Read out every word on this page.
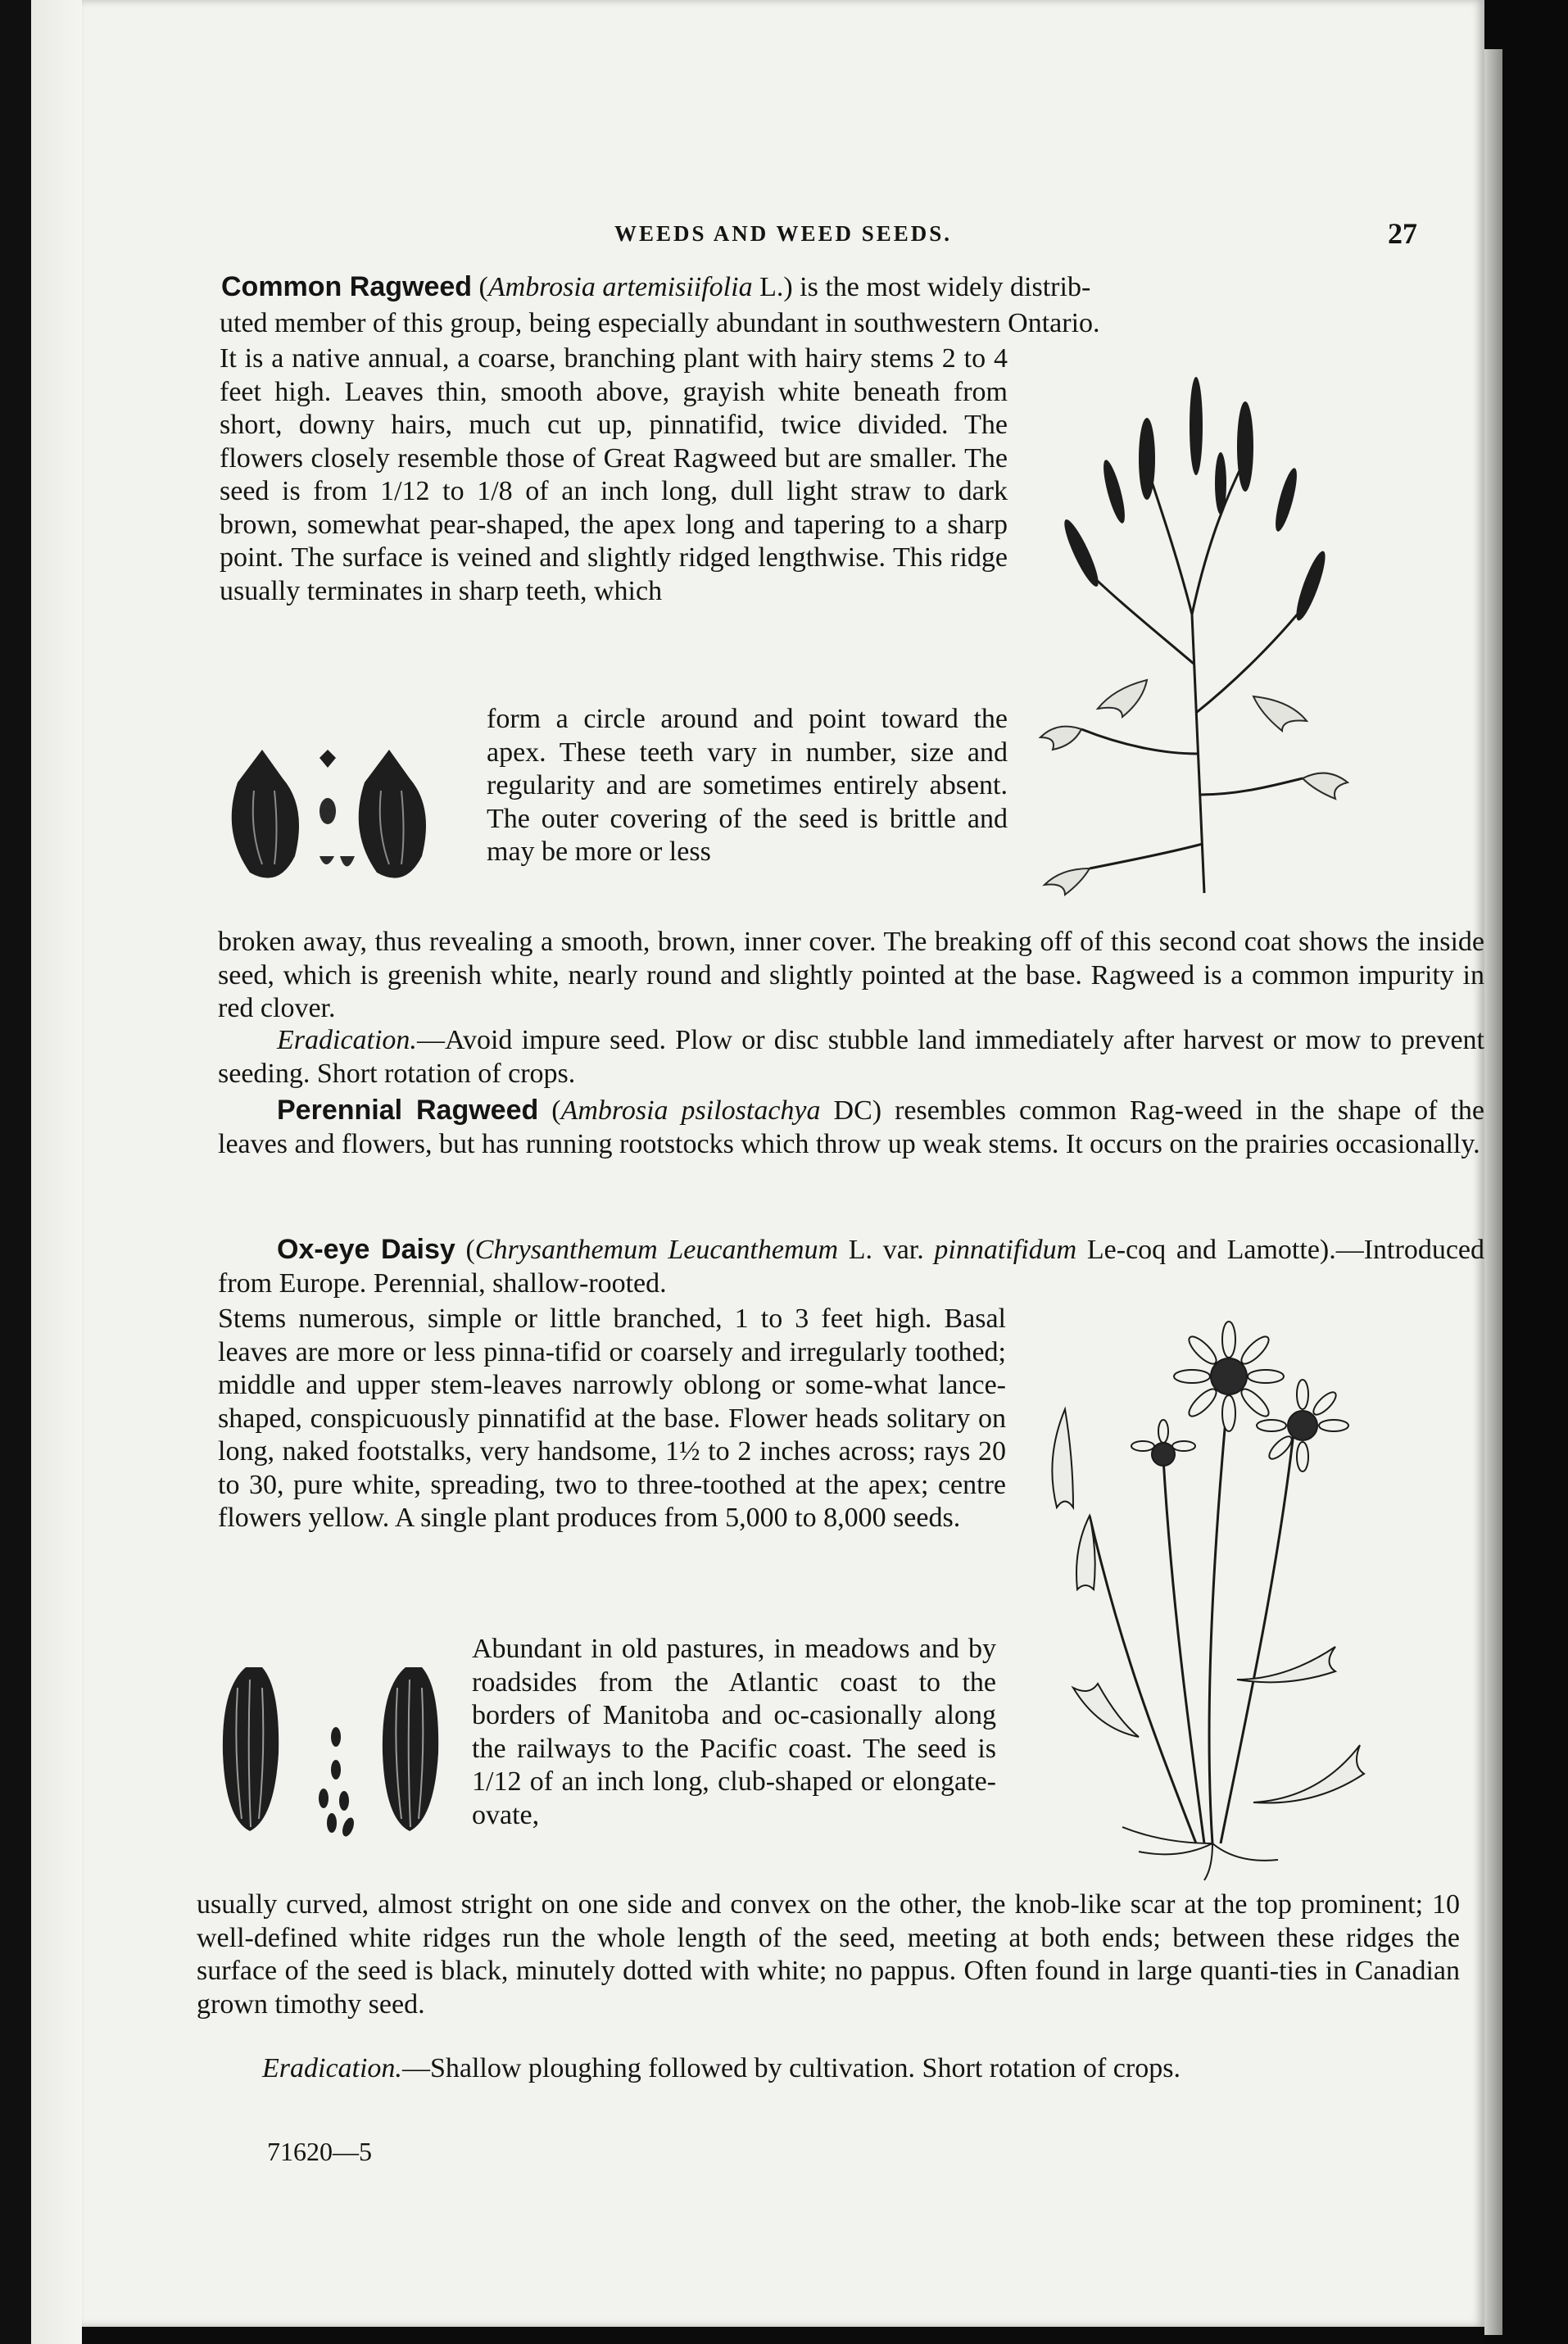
WEEDS AND WEED SEEDS.	27
Common Ragweed (Ambrosia artemisiifolia L.) is the most widely distrib-
uted member of this group, being especially abundant in southwestern Ontario.
It is a native annual, a coarse, branching plant with hairy stems 2 to 4 feet high. Leaves thin, smooth above, grayish white beneath from short, downy hairs, much cut up, pinnatifid, twice divided. The flowers closely resemble those of Great Ragweed but are smaller. The seed is from 1/12 to 1/8 of an inch long, dull light straw to dark brown, somewhat pear-shaped, the apex long and tapering to a sharp point. The surface is veined and slightly ridged lengthwise. This ridge usually terminates in sharp teeth, which
form a circle around and point toward the apex. These teeth vary in number, size and regularity and are sometimes entirely absent. The outer covering of the seed is brittle and may be more or less
broken away, thus revealing a smooth, brown, inner cover. The breaking off of this second coat shows the inside seed, which is greenish white, nearly round and slightly pointed at the base. Ragweed is a common impurity in red clover.
Eradication.—Avoid impure seed. Plow or disc stubble land immediately after harvest or mow to prevent seeding. Short rotation of crops.
Perennial Ragweed (Ambrosia psilostachya DC) resembles common Rag-weed in the shape of the leaves and flowers, but has running rootstocks which throw up weak stems. It occurs on the prairies occasionally.
Ox-eye Daisy (Chrysanthemum Leucanthemum L. var. pinnatifidum Le-coq and Lamotte).—Introduced from Europe. Perennial, shallow-rooted.
Stems numerous, simple or little branched, 1 to 3 feet high. Basal leaves are more or less pinna-tifid or coarsely and irregularly toothed; middle and upper stem-leaves narrowly oblong or some-what lance-shaped, conspicuously pinnatifid at the base. Flower heads solitary on long, naked footstalks, very handsome, 1½ to 2 inches across; rays 20 to 30, pure white, spreading, two to three-toothed at the apex; centre flowers yellow. A single plant produces from 5,000 to 8,000 seeds.
Abundant in old pastures, in meadows and by roadsides from the Atlantic coast to the borders of Manitoba and oc-casionally along the railways to the Pacific coast. The seed is 1/12 of an inch long, club-shaped or elongate-ovate,
usually curved, almost stright on one side and convex on the other, the knob-like scar at the top prominent; 10 well-defined white ridges run the whole length of the seed, meeting at both ends; between these ridges the surface of the seed is black, minutely dotted with white; no pappus. Often found in large quanti-ties in Canadian grown timothy seed.
Eradication.—Shallow ploughing followed by cultivation. Short rotation of crops.
71620—5
